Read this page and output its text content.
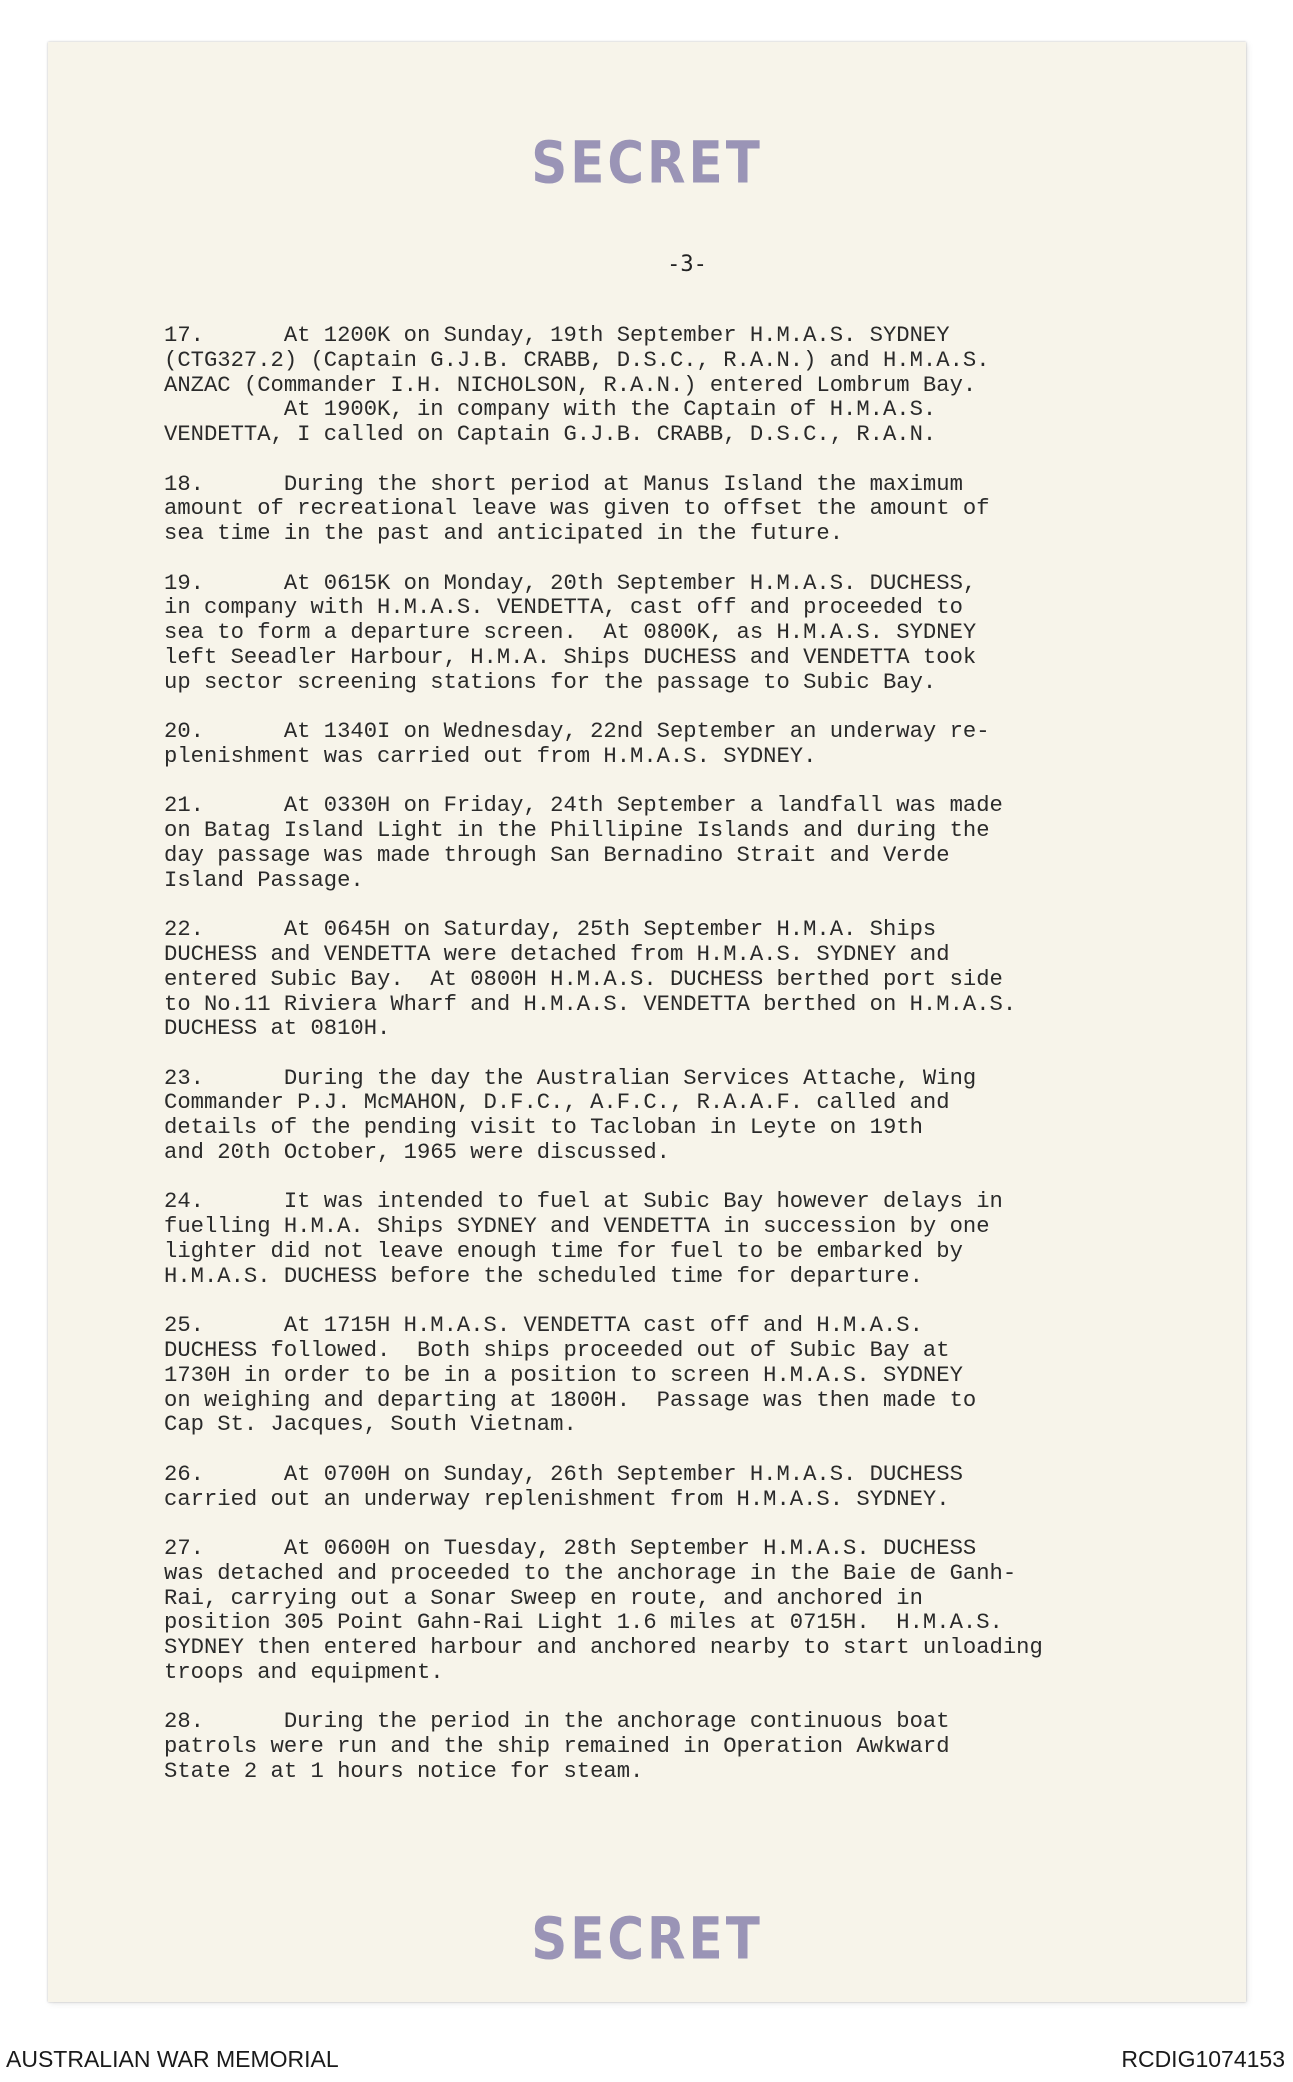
SECRET
-3-
17.      At 1200K on Sunday, 19th September H.M.A.S. SYDNEY
(CTG327.2) (Captain G.J.B. CRABB, D.S.C., R.A.N.) and H.M.A.S.
ANZAC (Commander I.H. NICHOLSON, R.A.N.) entered Lombrum Bay.
At 1900K, in company with the Captain of H.M.A.S.
VENDETTA, I called on Captain G.J.B. CRABB, D.S.C., R.A.N.
18.      During the short period at Manus Island the maximum
amount of recreational leave was given to offset the amount of
sea time in the past and anticipated in the future.
19.      At 0615K on Monday, 20th September H.M.A.S. DUCHESS,
in company with H.M.A.S. VENDETTA, cast off and proceeded to
sea to form a departure screen.  At 0800K, as H.M.A.S. SYDNEY
left Seeadler Harbour, H.M.A. Ships DUCHESS and VENDETTA took
up sector screening stations for the passage to Subic Bay.
20.      At 1340I on Wednesday, 22nd September an underway re-
plenishment was carried out from H.M.A.S. SYDNEY.
21.      At 0330H on Friday, 24th September a landfall was made
on Batag Island Light in the Phillipine Islands and during the
day passage was made through San Bernadino Strait and Verde
Island Passage.
22.      At 0645H on Saturday, 25th September H.M.A. Ships
DUCHESS and VENDETTA were detached from H.M.A.S. SYDNEY and
entered Subic Bay.  At 0800H H.M.A.S. DUCHESS berthed port side
to No.11 Riviera Wharf and H.M.A.S. VENDETTA berthed on H.M.A.S.
DUCHESS at 0810H.
23.      During the day the Australian Services Attache, Wing
Commander P.J. McMAHON, D.F.C., A.F.C., R.A.A.F. called and
details of the pending visit to Tacloban in Leyte on 19th
and 20th October, 1965 were discussed.
24.      It was intended to fuel at Subic Bay however delays in
fuelling H.M.A. Ships SYDNEY and VENDETTA in succession by one
lighter did not leave enough time for fuel to be embarked by
H.M.A.S. DUCHESS before the scheduled time for departure.
25.      At 1715H H.M.A.S. VENDETTA cast off and H.M.A.S.
DUCHESS followed.  Both ships proceeded out of Subic Bay at
1730H in order to be in a position to screen H.M.A.S. SYDNEY
on weighing and departing at 1800H.  Passage was then made to
Cap St. Jacques, South Vietnam.
26.      At 0700H on Sunday, 26th September H.M.A.S. DUCHESS
carried out an underway replenishment from H.M.A.S. SYDNEY.
27.      At 0600H on Tuesday, 28th September H.M.A.S. DUCHESS
was detached and proceeded to the anchorage in the Baie de Ganh-
Rai, carrying out a Sonar Sweep en route, and anchored in
position 305 Point Gahn-Rai Light 1.6 miles at 0715H.  H.M.A.S.
SYDNEY then entered harbour and anchored nearby to start unloading
troops and equipment.
28.      During the period in the anchorage continuous boat
patrols were run and the ship remained in Operation Awkward
State 2 at 1 hours notice for steam.
SECRET
AUSTRALIAN WAR MEMORIAL	RCDIG1074153
